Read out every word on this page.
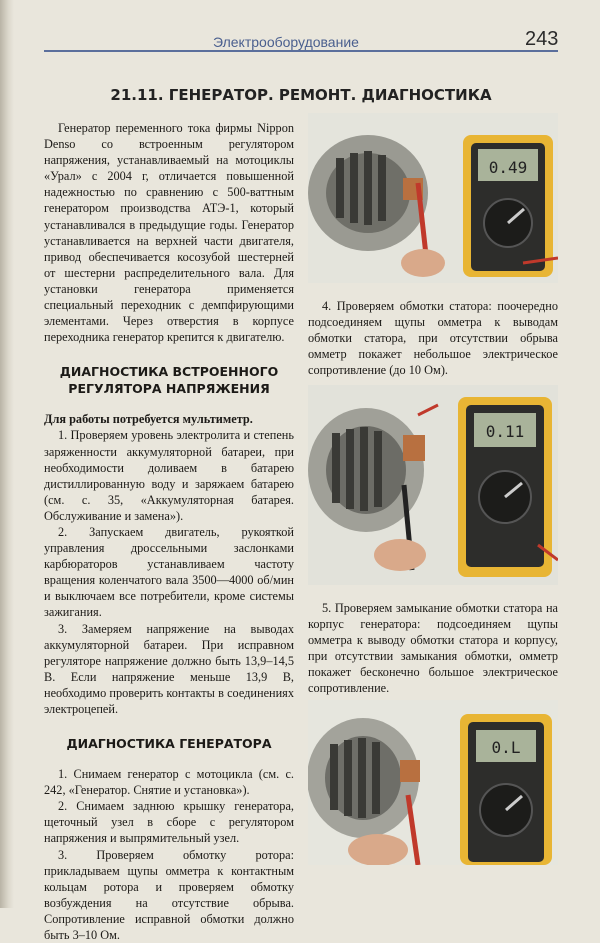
Электрооборудование	243
21.11. ГЕНЕРАТОР. РЕМОНТ. ДИАГНОСТИКА

Генератор переменного тока фирмы Nippon Denso со встроенным регулятором напряжения, устанавливаемый на мотоциклы «Урал» с 2004 г, отличается повышенной надежностью по сравнению с 500-ваттным генератором производства АТЭ-1, который устанавливался в предыдущие годы. Генератор устанавливается на верхней части двигателя, привод обеспечивается косозубой шестерней от шестерни распределительного вала. Для установки генератора применяется специальный переходник с демпфирующими элементами. Через отверстия в корпусе переходника генератор крепится к двигателю.

ДИАГНОСТИКА ВСТРОЕННОГО РЕГУЛЯТОРА НАПРЯЖЕНИЯ

Для работы потребуется мультиметр.

1. Проверяем уровень электролита и степень заряженности аккумуляторной батареи, при необходимости доливаем в батарею дистиллированную воду и заряжаем батарею (см. с. 35, «Аккумуляторная батарея. Обслуживание и замена»).

2. Запускаем двигатель, рукояткой управления дроссельными заслонками карбюраторов устанавливаем частоту вращения коленчатого вала 3500—4000 об/мин и выключаем все потребители, кроме системы зажигания.

3. Замеряем напряжение на выводах аккумуляторной батареи. При исправном регуляторе напряжение должно быть 13,9–14,5 В. Если напряжение меньше 13,9 В, необходимо проверить контакты в соединениях электроцепей.

ДИАГНОСТИКА ГЕНЕРАТОРА

1. Снимаем генератор с мотоцикла (см. с. 242, «Генератор. Снятие и установка»).

2. Снимаем заднюю крышку генератора, щеточный узел в сборе с регулятором напряжения и выпрямительный узел.

3. Проверяем обмотку ротора: прикладываем щупы омметра к контактным кольцам ротора и проверяем обмотку возбуждения на отсутствие обрыва. Сопротивление исправной обмотки должно быть 3–10 Ом.

0.49

4. Проверяем обмотки статора: поочередно подсоединяем щупы омметра к выводам обмотки статора, при отсутствии обрыва омметр покажет небольшое электрическое сопротивление (до 10 Ом).

0.11

5. Проверяем замыкание обмотки статора на корпус генератора: подсоединяем щупы омметра к выводу обмотки статора и корпусу, при отсутствии замыкания обмотки, омметр покажет бесконечно большое электрическое сопротивление.

0.L
